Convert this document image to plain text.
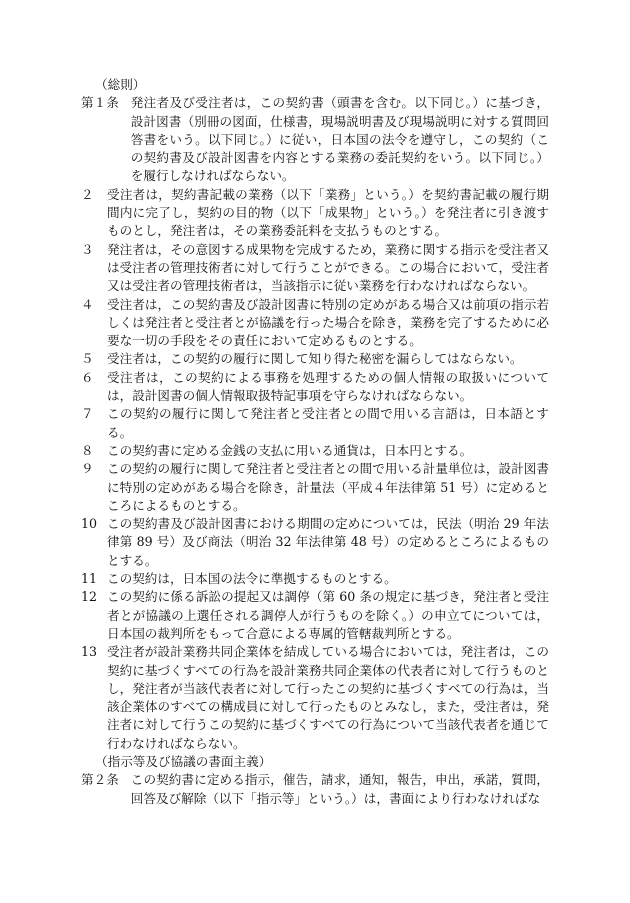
（総則）
第１条 発注者及び受注者は，この契約書（頭書を含む。以下同じ。）に基づき，設計図書（別冊の図面，仕様書，現場説明書及び現場説明に対する質問回答書をいう。以下同じ。）に従い，日本国の法令を遵守し，この契約（この契約書及び設計図書を内容とする業務の委託契約をいう。以下同じ。）を履行しなければならない。
２	受注者は，契約書記載の業務（以下「業務」という。）を契約書記載の履行期間内に完了し，契約の目的物（以下「成果物」という。）を発注者に引き渡すものとし，発注者は，その業務委託料を支払うものとする。
３	発注者は，その意図する成果物を完成するため，業務に関する指示を受注者又は受注者の管理技術者に対して行うことができる。この場合において，受注者又は受注者の管理技術者は，当該指示に従い業務を行わなければならない。
４	受注者は，この契約書及び設計図書に特別の定めがある場合又は前項の指示若しくは発注者と受注者とが協議を行った場合を除き，業務を完了するために必要な一切の手段をその責任において定めるものとする。
５	受注者は，この契約の履行に関して知り得た秘密を漏らしてはならない。
６	受注者は，この契約による事務を処理するための個人情報の取扱いについては，設計図書の個人情報取扱特記事項を守らなければならない。
７	この契約の履行に関して発注者と受注者との間で用いる言語は，日本語とする。
８	この契約書に定める金銭の支払に用いる通貨は，日本円とする。
９	この契約の履行に関して発注者と受注者との間で用いる計量単位は，設計図書に特別の定めがある場合を除き，計量法（平成４年法律第 51 号）に定めるところによるものとする。
10 この契約書及び設計図書における期間の定めについては，民法（明治 29 年法律第 89 号）及び商法（明治 32 年法律第 48 号）の定めるところによるものとする。
11 この契約は，日本国の法令に準拠するものとする。
12 この契約に係る訴訟の提起又は調停（第 60 条の規定に基づき，発注者と受注者とが協議の上選任される調停人が行うものを除く。）の申立てについては，日本国の裁判所をもって合意による専属的管轄裁判所とする。
13 受注者が設計業務共同企業体を結成している場合においては，発注者は，この契約に基づくすべての行為を設計業務共同企業体の代表者に対して行うものとし，発注者が当該代表者に対して行ったこの契約に基づくすべての行為は，当該企業体のすべての構成員に対して行ったものとみなし，また，受注者は，発注者に対して行うこの契約に基づくすべての行為について当該代表者を通じて行わなければならない。
（指示等及び協議の書面主義）
第２条 この契約書に定める指示，催告，請求，通知，報告，申出，承諾，質問，回答及び解除（以下「指示等」という。）は，書面により行わなければな
